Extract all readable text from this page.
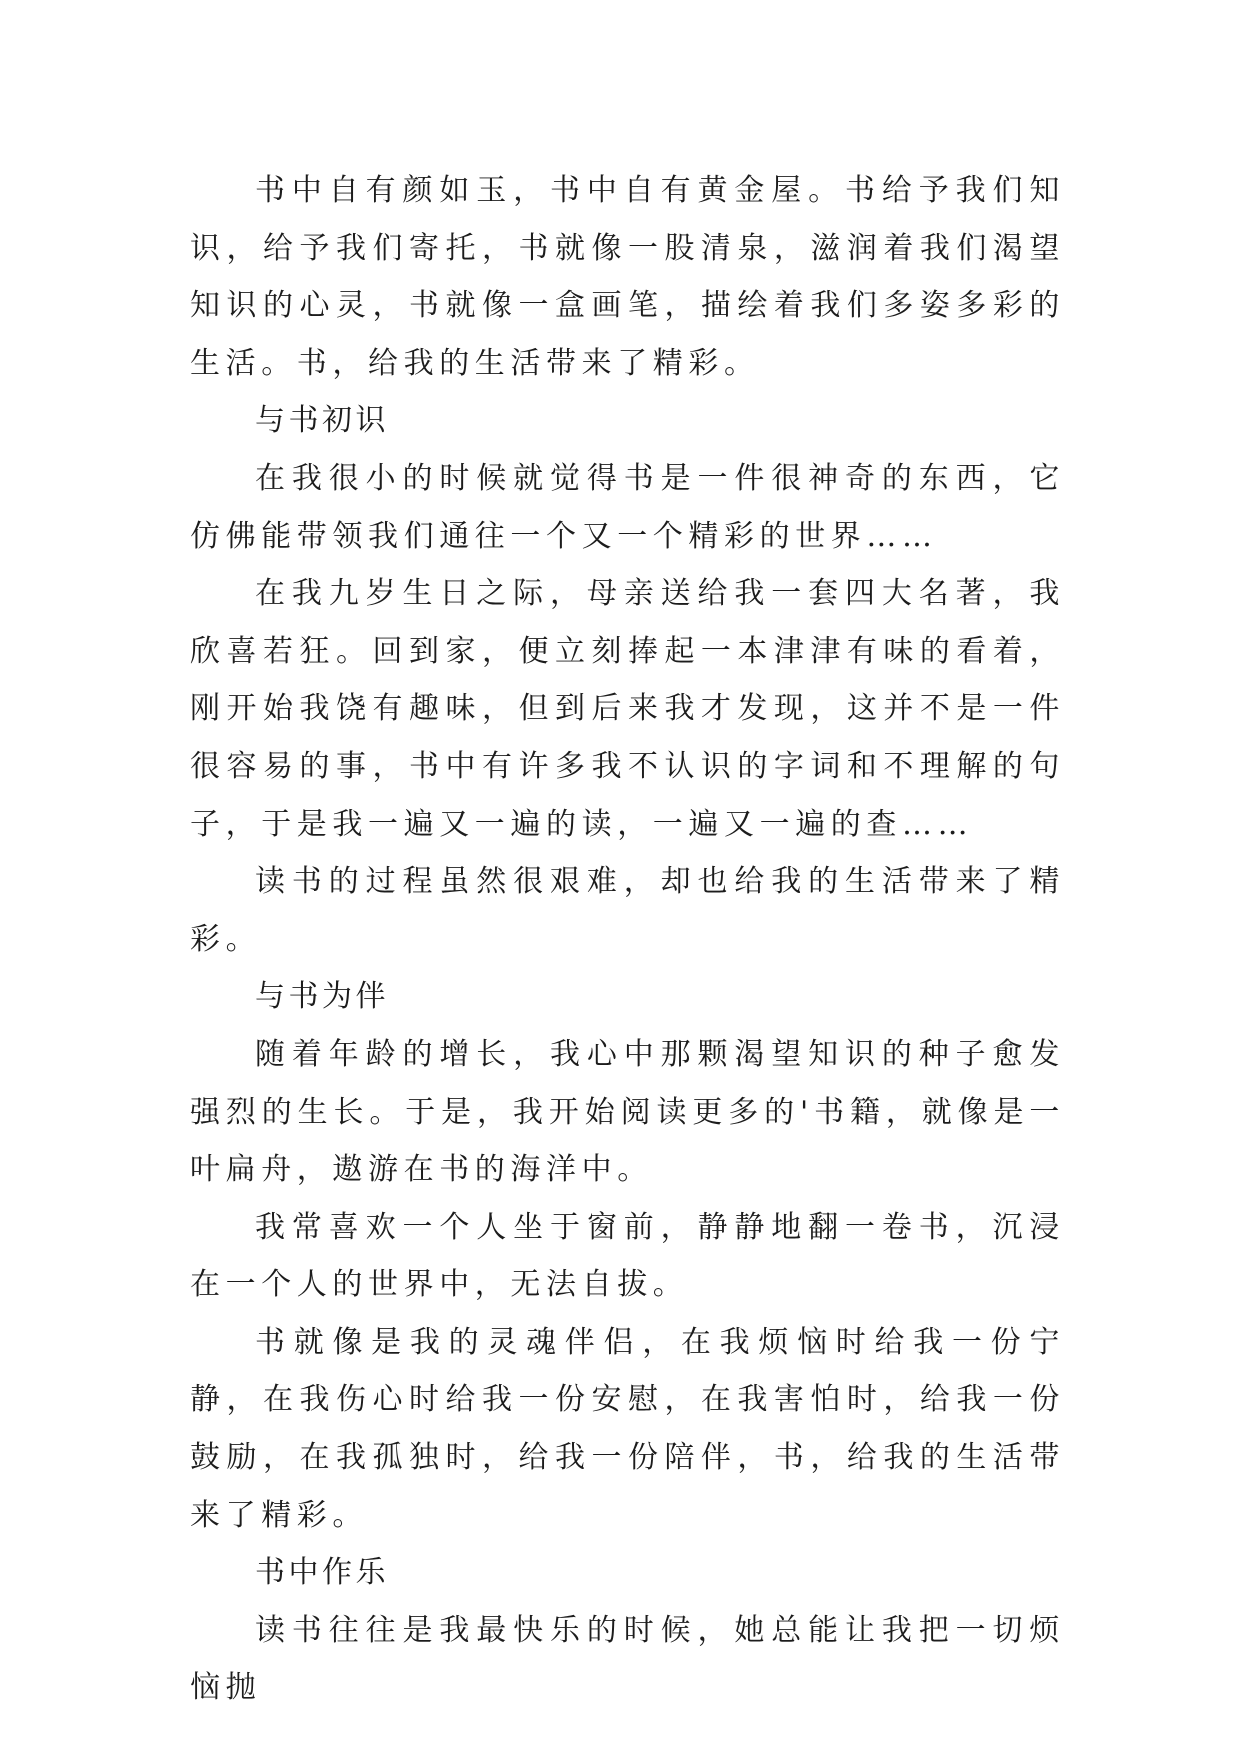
书中自有颜如玉，书中自有黄金屋。书给予我们知识，给予我们寄托，书就像一股清泉，滋润着我们渴望知识的心灵，书就像一盒画笔，描绘着我们多姿多彩的生活。书，给我的生活带来了精彩。

与书初识

在我很小的时候就觉得书是一件很神奇的东西，它仿佛能带领我们通往一个又一个精彩的世界……

在我九岁生日之际，母亲送给我一套四大名著，我欣喜若狂。回到家，便立刻捧起一本津津有味的看着，刚开始我饶有趣味，但到后来我才发现，这并不是一件很容易的事，书中有许多我不认识的字词和不理解的句子，于是我一遍又一遍的读，一遍又一遍的查……

读书的过程虽然很艰难，却也给我的生活带来了精彩。

与书为伴

随着年龄的增长，我心中那颗渴望知识的种子愈发强烈的生长。于是，我开始阅读更多的'书籍，就像是一叶扁舟，遨游在书的海洋中。

我常喜欢一个人坐于窗前，静静地翻一卷书，沉浸在一个人的世界中，无法自拔。

书就像是我的灵魂伴侣，在我烦恼时给我一份宁静，在我伤心时给我一份安慰，在我害怕时，给我一份鼓励，在我孤独时，给我一份陪伴，书，给我的生活带来了精彩。

书中作乐

读书往往是我最快乐的时候，她总能让我把一切烦恼抛
